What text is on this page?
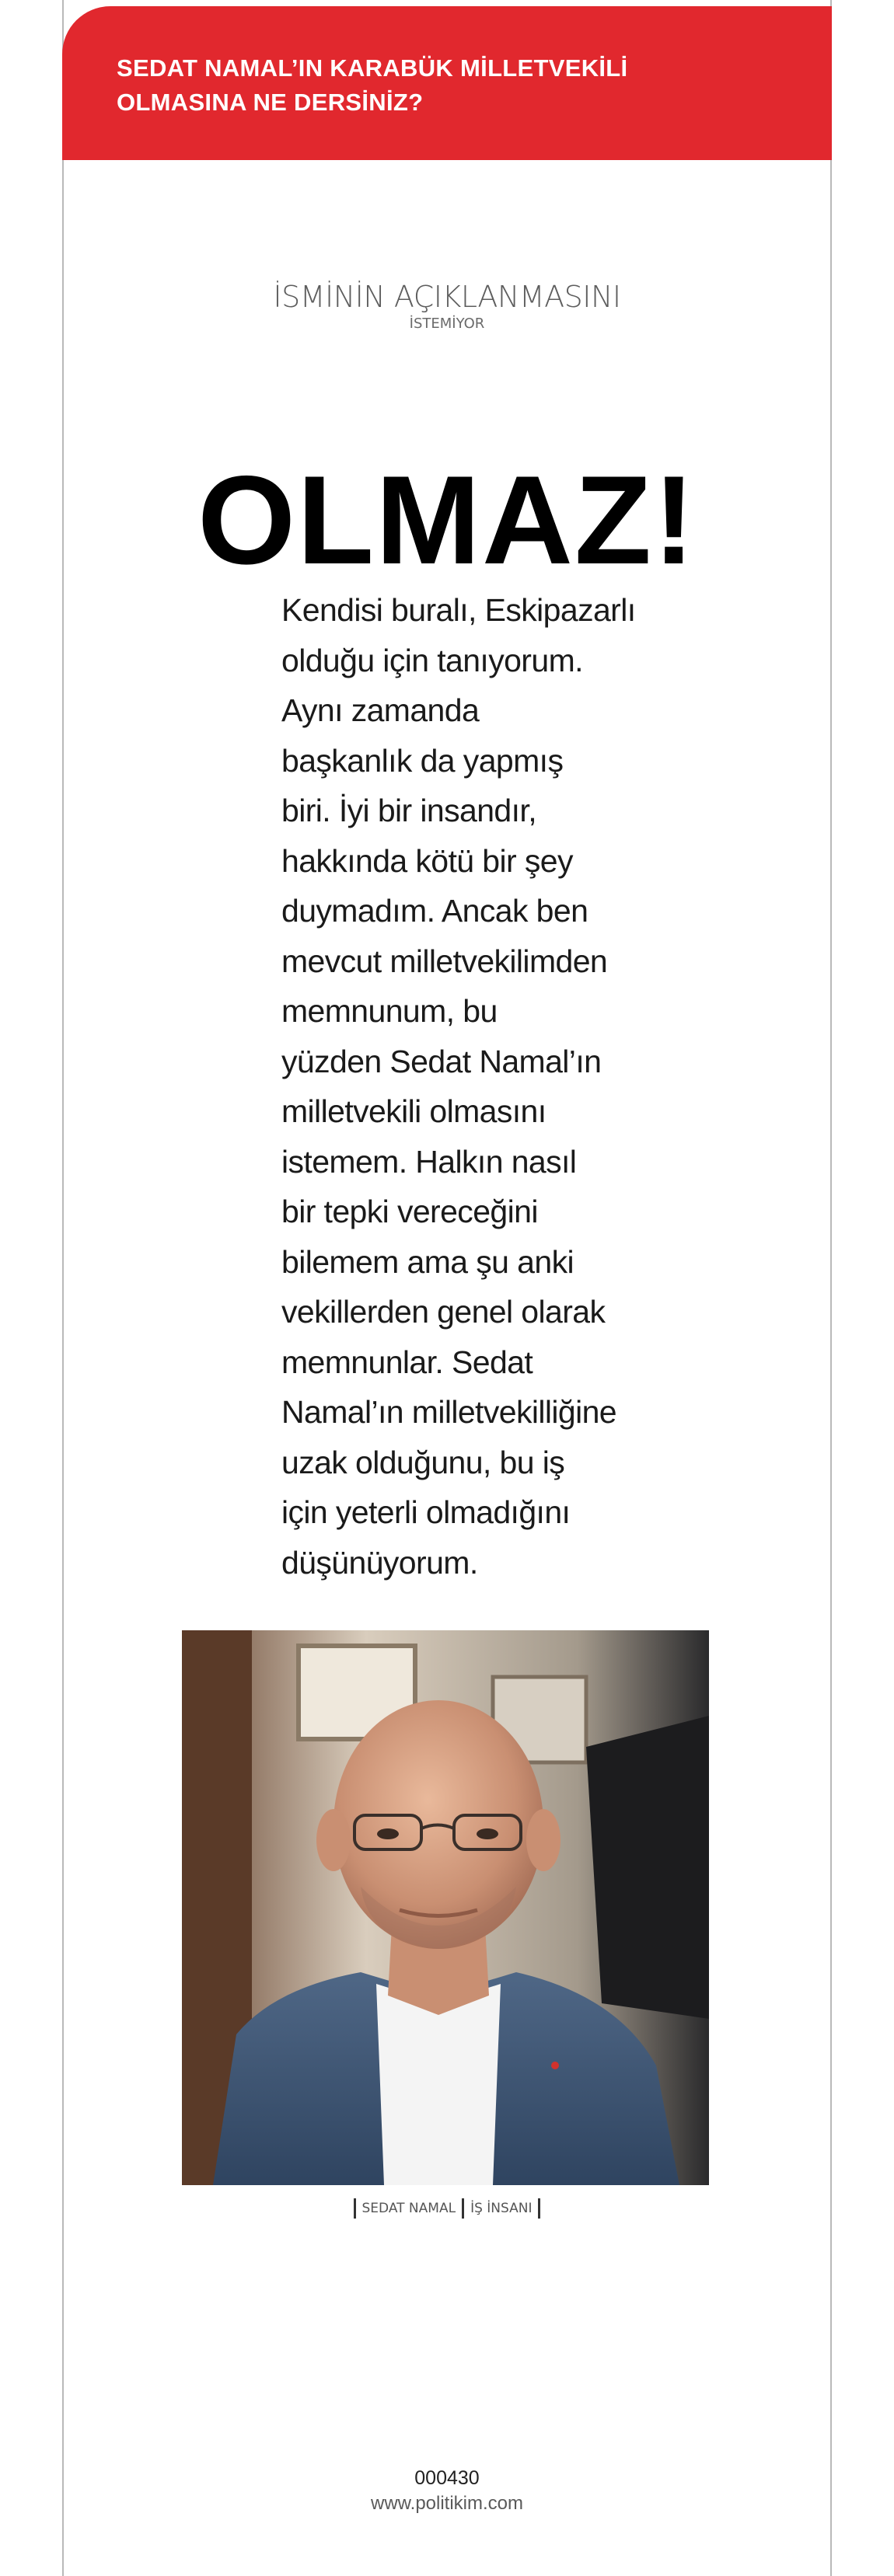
SEDAT NAMAL’IN KARABÜK MİLLETVEKİLİ
OLMASINA NE DERSİNİZ?
İSMİNİN AÇIKLANMASINI
İSTEMİYOR
OLMAZ!
Kendisi buralı, Eskipazarlı
olduğu için tanıyorum.
Aynı zamanda
başkanlık da yapmış
biri. İyi bir insandır,
hakkında kötü bir şey
duymadım. Ancak ben
mevcut milletvekilimden
memnunum, bu
yüzden Sedat Namal’ın
milletvekili olmasını
istemem. Halkın nasıl
bir tepki vereceğini
bilemem ama şu anki
vekillerden genel olarak
memnunlar. Sedat
Namal’ın milletvekilliğine
uzak olduğunu, bu iş
için yeterli olmadığını
düşünüyorum.
SEDAT NAMAL İŞ İNSANI
000430
www.politikim.com
